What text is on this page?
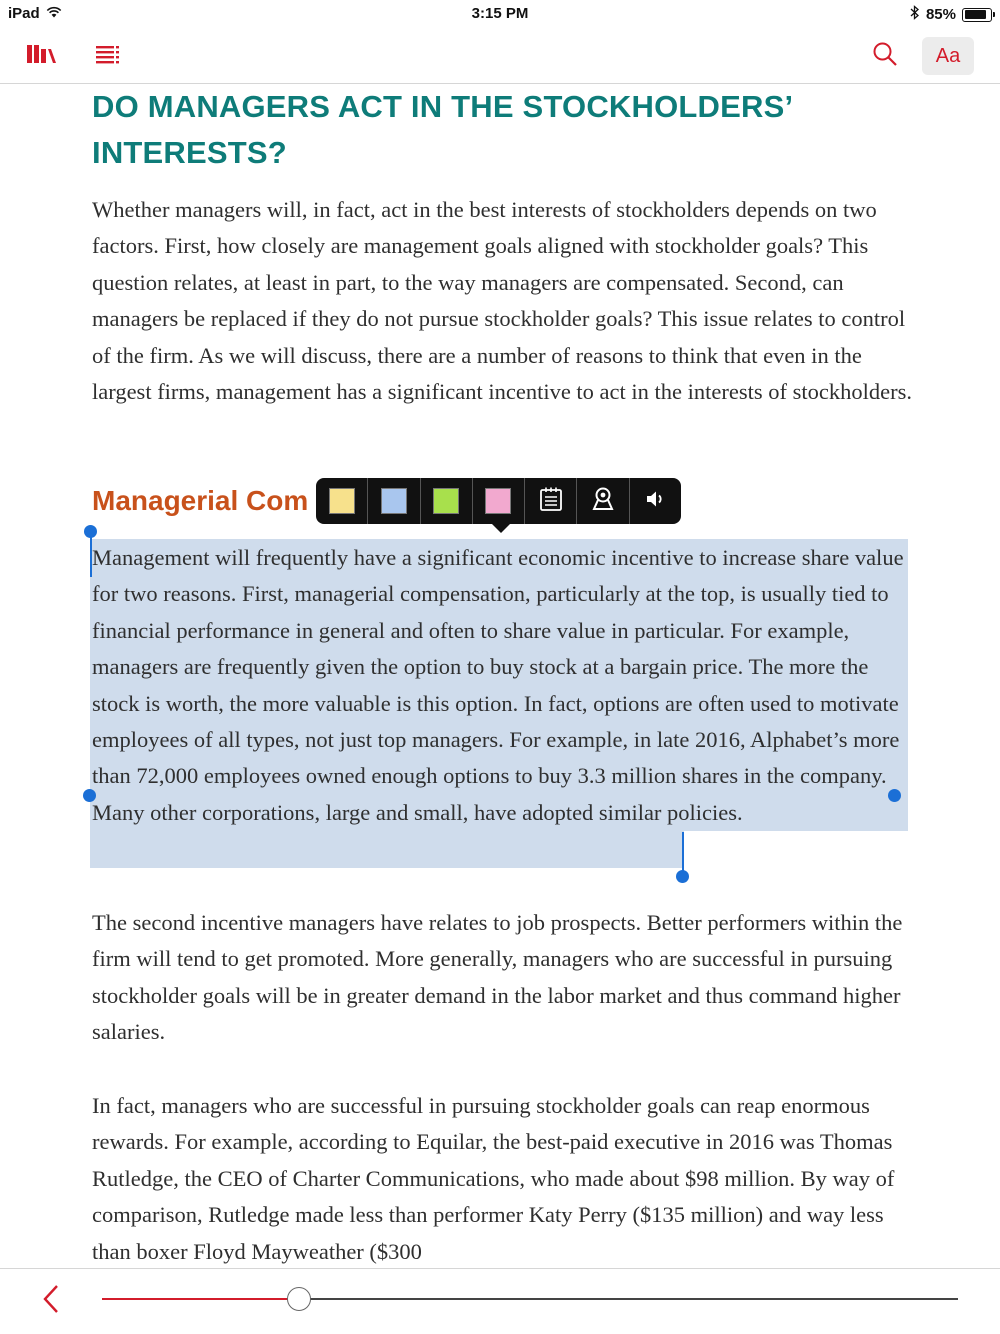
iPad	3:15 PM	85%
Aa
DO MANAGERS ACT IN THE STOCKHOLDERS’ INTERESTS?
Whether managers will, in fact, act in the best interests of stockholders depends on two factors. First, how closely are management goals aligned with stockholder goals? This question relates, at least in part, to the way managers are compensated. Second, can managers be replaced if they do not pursue stockholder goals? This issue relates to control of the firm. As we will discuss, there are a number of reasons to think that even in the largest firms, management has a significant incentive to act in the interests of stockholders.
Managerial Com
Management will frequently have a significant economic incentive to increase share value for two reasons. First, managerial compensation, particularly at the top, is usually tied to financial performance in general and often to share value in particular. For example, managers are frequently given the option to buy stock at a bargain price. The more the stock is worth, the more valuable is this option. In fact, options are often used to motivate employees of all types, not just top managers. For example, in late 2016, Alphabet’s more than 72,000 employees owned enough options to buy 3.3 million shares in the company. Many other corporations, large and small, have adopted similar policies.
The second incentive managers have relates to job prospects. Better performers within the firm will tend to get promoted. More generally, managers who are successful in pursuing stockholder goals will be in greater demand in the labor market and thus command higher salaries.
In fact, managers who are successful in pursuing stockholder goals can reap enormous rewards. For example, according to Equilar, the best-paid executive in 2016 was Thomas Rutledge, the CEO of Charter Communications, who made about $98 million. By way of comparison, Rutledge made less than performer Katy Perry ($135 million) and way less than boxer Floyd Mayweather ($300
